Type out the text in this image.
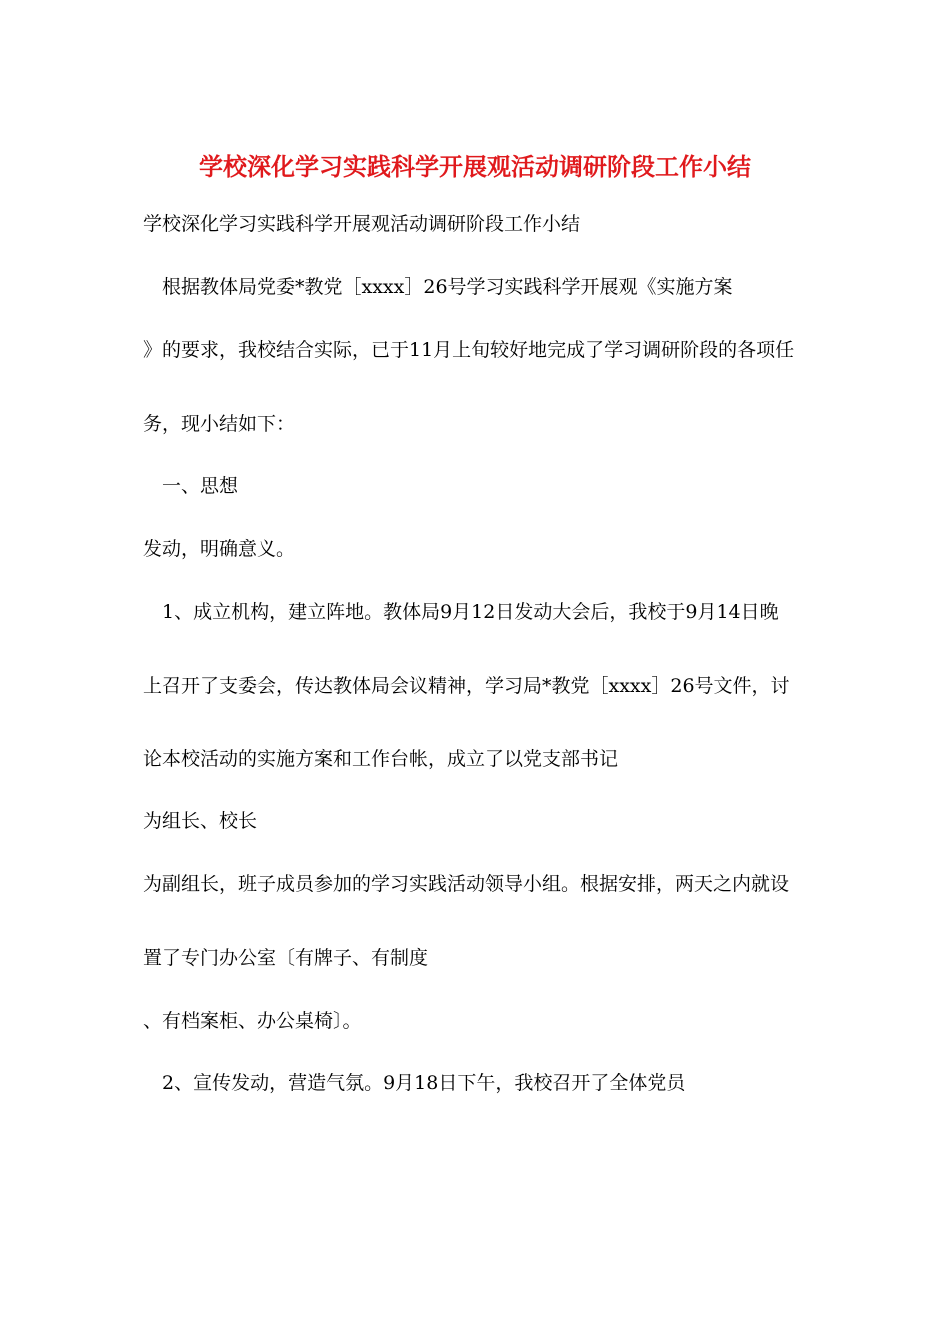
学校深化学习实践科学开展观活动调研阶段工作小结
学校深化学习实践科学开展观活动调研阶段工作小结
根据教体局党委*教党［xxxx］26号学习实践科学开展观《实施方案
》的要求，我校结合实际，已于11月上旬较好地完成了学习调研阶段的各项任
务，现小结如下：
一、思想
发动，明确意义。
1、成立机构，建立阵地。教体局9月12日发动大会后，我校于9月14日晚
上召开了支委会，传达教体局会议精神，学习局*教党［xxxx］26号文件，讨
论本校活动的实施方案和工作台帐，成立了以党支部书记
为组长、校长
为副组长，班子成员参加的学习实践活动领导小组。根据安排，两天之内就设
置了专门办公室〔有牌子、有制度
、有档案柜、办公桌椅〕。
2、宣传发动，营造气氛。9月18日下午，我校召开了全体党员
